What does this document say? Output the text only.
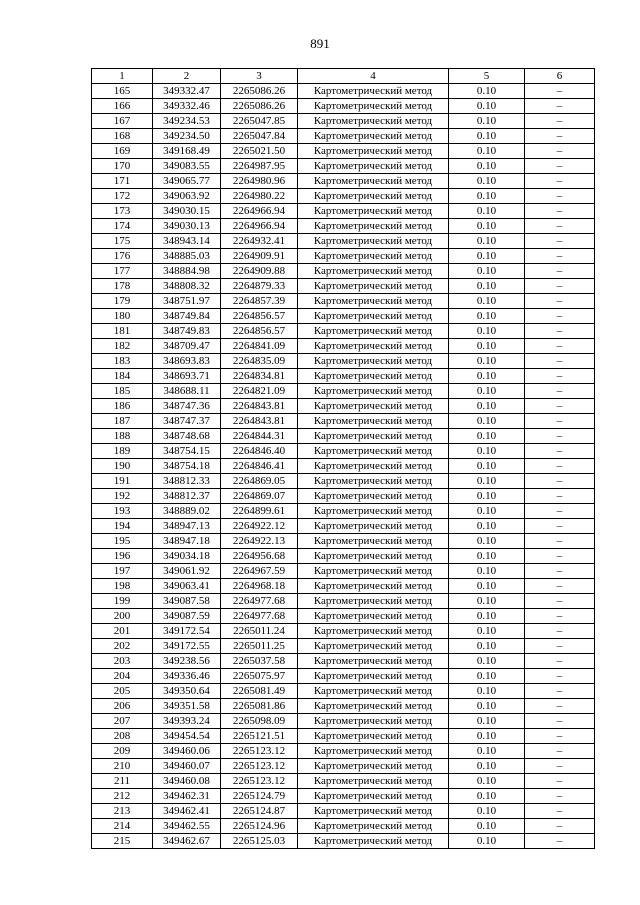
891
1	2	3	4	5	6
165	349332.47	2265086.26	Картометрический метод	0.10	–
166	349332.46	2265086.26	Картометрический метод	0.10	–
167	349234.53	2265047.85	Картометрический метод	0.10	–
168	349234.50	2265047.84	Картометрический метод	0.10	–
169	349168.49	2265021.50	Картометрический метод	0.10	–
170	349083.55	2264987.95	Картометрический метод	0.10	–
171	349065.77	2264980.96	Картометрический метод	0.10	–
172	349063.92	2264980.22	Картометрический метод	0.10	–
173	349030.15	2264966.94	Картометрический метод	0.10	–
174	349030.13	2264966.94	Картометрический метод	0.10	–
175	348943.14	2264932.41	Картометрический метод	0.10	–
176	348885.03	2264909.91	Картометрический метод	0.10	–
177	348884.98	2264909.88	Картометрический метод	0.10	–
178	348808.32	2264879.33	Картометрический метод	0.10	–
179	348751.97	2264857.39	Картометрический метод	0.10	–
180	348749.84	2264856.57	Картометрический метод	0.10	–
181	348749.83	2264856.57	Картометрический метод	0.10	–
182	348709.47	2264841.09	Картометрический метод	0.10	–
183	348693.83	2264835.09	Картометрический метод	0.10	–
184	348693.71	2264834.81	Картометрический метод	0.10	–
185	348688.11	2264821.09	Картометрический метод	0.10	–
186	348747.36	2264843.81	Картометрический метод	0.10	–
187	348747.37	2264843.81	Картометрический метод	0.10	–
188	348748.68	2264844.31	Картометрический метод	0.10	–
189	348754.15	2264846.40	Картометрический метод	0.10	–
190	348754.18	2264846.41	Картометрический метод	0.10	–
191	348812.33	2264869.05	Картометрический метод	0.10	–
192	348812.37	2264869.07	Картометрический метод	0.10	–
193	348889.02	2264899.61	Картометрический метод	0.10	–
194	348947.13	2264922.12	Картометрический метод	0.10	–
195	348947.18	2264922.13	Картометрический метод	0.10	–
196	349034.18	2264956.68	Картометрический метод	0.10	–
197	349061.92	2264967.59	Картометрический метод	0.10	–
198	349063.41	2264968.18	Картометрический метод	0.10	–
199	349087.58	2264977.68	Картометрический метод	0.10	–
200	349087.59	2264977.68	Картометрический метод	0.10	–
201	349172.54	2265011.24	Картометрический метод	0.10	–
202	349172.55	2265011.25	Картометрический метод	0.10	–
203	349238.56	2265037.58	Картометрический метод	0.10	–
204	349336.46	2265075.97	Картометрический метод	0.10	–
205	349350.64	2265081.49	Картометрический метод	0.10	–
206	349351.58	2265081.86	Картометрический метод	0.10	–
207	349393.24	2265098.09	Картометрический метод	0.10	–
208	349454.54	2265121.51	Картометрический метод	0.10	–
209	349460.06	2265123.12	Картометрический метод	0.10	–
210	349460.07	2265123.12	Картометрический метод	0.10	–
211	349460.08	2265123.12	Картометрический метод	0.10	–
212	349462.31	2265124.79	Картометрический метод	0.10	–
213	349462.41	2265124.87	Картометрический метод	0.10	–
214	349462.55	2265124.96	Картометрический метод	0.10	–
215	349462.67	2265125.03	Картометрический метод	0.10	–
